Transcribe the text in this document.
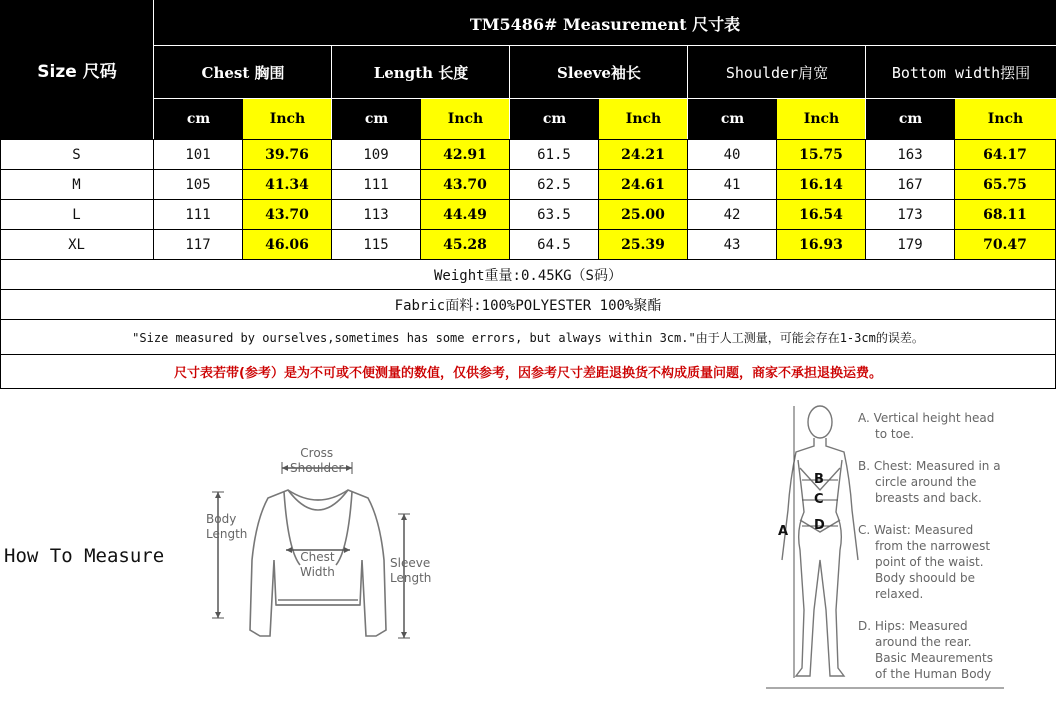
Size 尺码
TM5486# Measurement 尺寸表
Chest 胸围	Length 长度	Sleeve袖长	Shoulder肩宽	Bottom width摆围
cm	Inch	cm	Inch	cm	Inch	cm	Inch	cm	Inch
S	101	39.76	109	42.91	61.5	24.21	40	15.75	163	64.17
M	105	41.34	111	43.70	62.5	24.61	41	16.14	167	65.75
L	111	43.70	113	44.49	63.5	25.00	42	16.54	173	68.11
XL	117	46.06	115	45.28	64.5	25.39	43	16.93	179	70.47
Weight重量:0.45KG（S码）
Fabric面料:100%POLYESTER 100%聚酯
"Size measured by ourselves,sometimes has some errors, but always within 3cm."由于人工测量，可能会存在1-3cm的误差。
尺寸表若带(参考）是为不可或不便测量的数值，仅供参考，因参考尺寸差距退换货不构成质量问题，商家不承担退换运费。
How To Measure
Cross
Shoulder
Body
Length
Chest
Width
Sleeve
Length
A
B
C
D
A. Vertical height head
to toe.
B. Chest: Measured in a
circle around the
breasts and back.
C. Waist: Measured
from the narrowest
point of the waist.
Body shoould be
relaxed.
D. Hips: Measured
around the rear.
Basic Meaurements
of the Human Body
